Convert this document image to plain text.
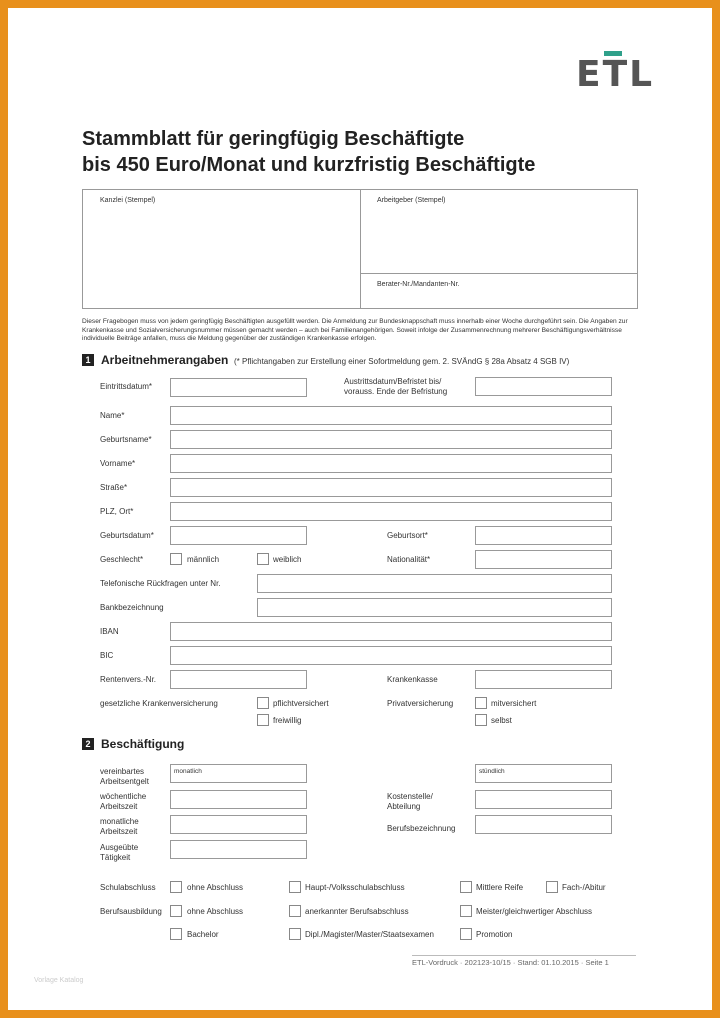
ETL
Stammblatt für geringfügig Beschäftigte
bis 450 Euro/Monat und kurzfristig Beschäftigte
Kanzlei (Stempel)	Arbeitgeber (Stempel)
Berater-Nr./Mandanten-Nr.
Dieser Fragebogen muss von jedem geringfügig Beschäftigten ausgefüllt werden. Die Anmeldung zur Bundesknappschaft muss innerhalb einer Woche durchgeführt sein. Die Angaben zur Krankenkasse und Sozialversicherungsnummer müssen gemacht werden – auch bei Familienangehörigen. Soweit infolge der Zusammenrechnung mehrerer Beschäftigungsverhältnisse individuelle Beiträge anfallen, muss die Meldung gegenüber der zuständigen Krankenkasse erfolgen.
1 Arbeitnehmerangaben (* Pflichtangaben zur Erstellung einer Sofortmeldung gem. 2. SVÄndG § 28a Absatz 4 SGB IV)
Eintrittsdatum*
Austrittsdatum/Befristet bis/
vorauss. Ende der Befristung
Name*
Geburtsname*
Vorname*
Straße*
PLZ, Ort*
Geburtsdatum*	Geburtsort*
Geschlecht*	männlich	weiblich	Nationalität*
Telefonische Rückfragen unter Nr.
Bankbezeichnung
IBAN
BIC
Rentenvers.-Nr.	Krankenkasse
gesetzliche Krankenversicherung	pflichtversichert
freiwillig
Privatversicherung	mitversichert
selbst
2 Beschäftigung
vereinbartes
Arbeitsentgelt
monatlich	stündlich
wöchentliche
Arbeitszeit
Kostenstelle/
Abteilung
monatliche
Arbeitszeit	Berufsbezeichnung
Ausgeübte
Tätigkeit
Schulabschluss	ohne Abschluss	Haupt-/Volksschulabschluss	Mittlere Reife	Fach-/Abitur
Berufsausbildung	ohne Abschluss	anerkannter Berufsabschluss	Meister/gleichwertiger Abschluss
Bachelor	Dipl./Magister/Master/Staatsexamen	Promotion
ETL-Vordruck · 202123-10/15 · Stand: 01.10.2015 · Seite 1
Vorlage Katalog
